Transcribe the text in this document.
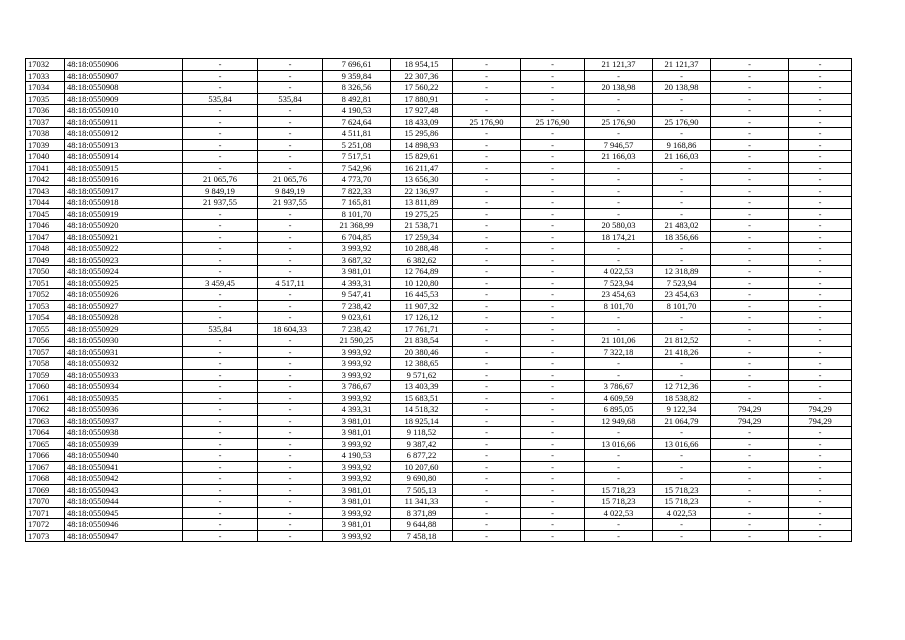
17032	48:18:0550906	-	-	7 696,61	18 954,15	-	-	21 121,37	21 121,37	-	-
17033	48:18:0550907	-	-	9 359,84	22 307,36	-	-	-	-	-	-
17034	48:18:0550908	-	-	8 326,56	17 560,22	-	-	20 138,98	20 138,98	-	-
17035	48:18:0550909	535,84	535,84	8 492,81	17 880,91	-	-	-	-	-	-
17036	48:18:0550910	-	-	4 190,53	17 927,48	-	-	-	-	-	-
17037	48:18:0550911	-	-	7 624,64	18 433,09	25 176,90	25 176,90	25 176,90	25 176,90	-	-
17038	48:18:0550912	-	-	4 511,81	15 295,86	-	-	-	-	-	-
17039	48:18:0550913	-	-	5 251,08	14 898,93	-	-	7 946,57	9 168,86	-	-
17040	48:18:0550914	-	-	7 517,51	15 829,61	-	-	21 166,03	21 166,03	-	-
17041	48:18:0550915	-	-	7 542,96	16 211,47	-	-	-	-	-	-
17042	48:18:0550916	21 065,76	21 065,76	4 773,70	13 656,30	-	-	-	-	-	-
17043	48:18:0550917	9 849,19	9 849,19	7 822,33	22 136,97	-	-	-	-	-	-
17044	48:18:0550918	21 937,55	21 937,55	7 165,81	13 811,89	-	-	-	-	-	-
17045	48:18:0550919	-	-	8 101,70	19 275,25	-	-	-	-	-	-
17046	48:18:0550920	-	-	21 368,99	21 538,71	-	-	20 580,03	21 483,02	-	-
17047	48:18:0550921	-	-	6 704,85	17 259,34	-	-	18 174,21	18 356,66	-	-
17048	48:18:0550922	-	-	3 993,92	10 288,48	-	-	-	-	-	-
17049	48:18:0550923	-	-	3 687,32	6 382,62	-	-	-	-	-	-
17050	48:18:0550924	-	-	3 981,01	12 764,89	-	-	4 022,53	12 318,89	-	-
17051	48:18:0550925	3 459,45	4 517,11	4 393,31	10 120,80	-	-	7 523,94	7 523,94	-	-
17052	48:18:0550926	-	-	9 547,41	16 445,53	-	-	23 454,63	23 454,63	-	-
17053	48:18:0550927	-	-	7 238,42	11 907,32	-	-	8 101,70	8 101,70	-	-
17054	48:18:0550928	-	-	9 023,61	17 126,12	-	-	-	-	-	-
17055	48:18:0550929	535,84	18 604,33	7 238,42	17 761,71	-	-	-	-	-	-
17056	48:18:0550930	-	-	21 590,25	21 838,54	-	-	21 101,06	21 812,52	-	-
17057	48:18:0550931	-	-	3 993,92	20 380,46	-	-	7 322,18	21 418,26	-	-
17058	48:18:0550932	-	-	3 993,92	12 388,65	-	-	-	-	-	-
17059	48:18:0550933	-	-	3 993,92	9 571,62	-	-	-	-	-	-
17060	48:18:0550934	-	-	3 786,67	13 403,39	-	-	3 786,67	12 712,36	-	-
17061	48:18:0550935	-	-	3 993,92	15 683,51	-	-	4 609,59	18 538,82	-	-
17062	48:18:0550936	-	-	4 393,31	14 518,32	-	-	6 895,05	9 122,34	794,29	794,29
17063	48:18:0550937	-	-	3 981,01	18 925,14	-	-	12 949,68	21 064,79	794,29	794,29
17064	48:18:0550938	-	-	3 981,01	9 118,52	-	-	-	-	-	-
17065	48:18:0550939	-	-	3 993,92	9 387,42	-	-	13 016,66	13 016,66	-	-
17066	48:18:0550940	-	-	4 190,53	6 877,22	-	-	-	-	-	-
17067	48:18:0550941	-	-	3 993,92	10 207,60	-	-	-	-	-	-
17068	48:18:0550942	-	-	3 993,92	9 690,80	-	-	-	-	-	-
17069	48:18:0550943	-	-	3 981,01	7 505,13	-	-	15 718,23	15 718,23	-	-
17070	48:18:0550944	-	-	3 981,01	11 341,33	-	-	15 718,23	15 718,23	-	-
17071	48:18:0550945	-	-	3 993,92	8 371,89	-	-	4 022,53	4 022,53	-	-
17072	48:18:0550946	-	-	3 981,01	9 644,88	-	-	-	-	-	-
17073	48:18:0550947	-	-	3 993,92	7 458,18	-	-	-	-	-	-
